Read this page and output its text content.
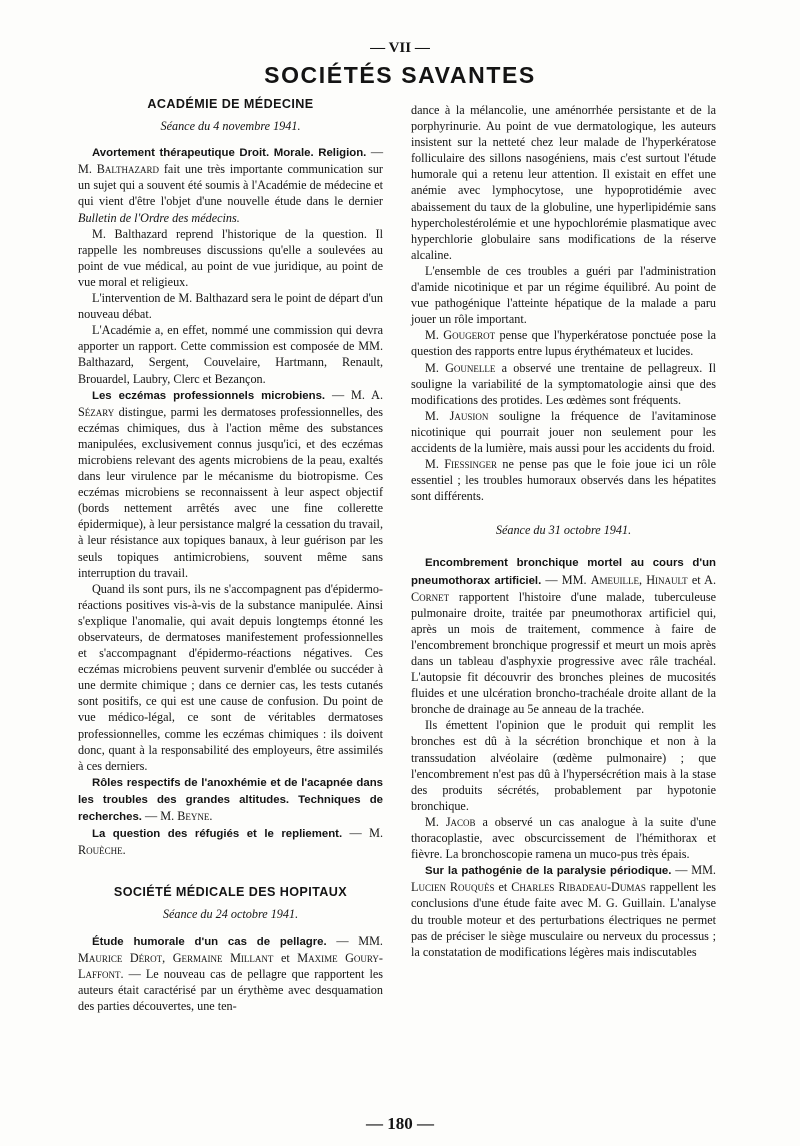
— VII —
SOCIÉTÉS SAVANTES
ACADÉMIE DE MÉDECINE
Séance du 4 novembre 1941.

Avortement thérapeutique Droit. Morale. Religion. — M. Balthazard fait une très importante communication sur un sujet qui a souvent été soumis à l'Académie de médecine et qui vient d'être l'objet d'une nouvelle étude dans le dernier Bulletin de l'Ordre des médecins.

M. Balthazard reprend l'historique de la question. Il rappelle les nombreuses discussions qu'elle a soulevées au point de vue médical, au point de vue juridique, au point de vue moral et religieux.

L'intervention de M. Balthazard sera le point de départ d'un nouveau débat.

L'Académie a, en effet, nommé une commission qui devra apporter un rapport. Cette commission est composée de MM. Balthazard, Sergent, Couvelaire, Hartmann, Renault, Brouardel, Laubry, Clerc et Bezançon.

Les eczémas professionnels microbiens. — M. A. Sézary distingue, parmi les dermatoses professionnelles, des eczémas chimiques, dus à l'action même des substances manipulées, exclusivement connus jusqu'ici, et des eczémas microbiens relevant des agents microbiens de la peau, exaltés dans leur virulence par le mécanisme du biotropisme. Ces eczémas microbiens se reconnaissent à leur aspect objectif (bords nettement arrêtés avec une fine collerette épidermique), à leur persistance malgré la cessation du travail, à leur résistance aux topiques banaux, à leur guérison par les seuls topiques antimicrobiens, souvent même sans interruption du travail.

Quand ils sont purs, ils ne s'accompagnent pas d'épidermo-réactions positives vis-à-vis de la substance manipulée. Ainsi s'explique l'anomalie, qui avait depuis longtemps étonné les observateurs, de dermatoses manifestement professionnelles et s'accompagnant d'épidermo-réactions négatives. Ces eczémas microbiens peuvent survenir d'emblée ou succéder à une dermite chimique ; dans ce dernier cas, les tests cutanés sont positifs, ce qui est une cause de confusion. Du point de vue médico-légal, ce sont de véritables dermatoses professionnelles, comme les eczémas chimiques : ils doivent donc, quant à la responsabilité des employeurs, être assimilés à ces derniers.

Rôles respectifs de l'anoxhémie et de l'acapnée dans les troubles des grandes altitudes. Techniques de recherches. — M. Beyne.

La question des réfugiés et le repliement. — M. Rouèche.

SOCIÉTÉ MÉDICALE DES HOPITAUX
Séance du 24 octobre 1941.

Étude humorale d'un cas de pellagre. — MM. Maurice Dérot, Germaine Millant et Maxime Goury-Laffont. — Le nouveau cas de pellagre que rapportent les auteurs était caractérisé par un érythème avec desquamation des parties découvertes, une ten-

dance à la mélancolie, une aménorrhée persistante et de la porphyrinurie. Au point de vue dermatologique, les auteurs insistent sur la netteté chez leur malade de l'hyperkératose folliculaire des sillons nasogéniens, mais c'est surtout l'étude humorale qui a retenu leur attention. Il existait en effet une anémie avec lymphocytose, une hypoprotidémie avec abaissement du taux de la globuline, une hyperlipidémie sans hypercholestérolémie et une hypochlorémie plasmatique avec hyperchlorie globulaire sans modifications de la réserve alcaline.

L'ensemble de ces troubles a guéri par l'administration d'amide nicotinique et par un régime équilibré. Au point de vue pathogénique l'atteinte hépatique de la malade a paru jouer un rôle important.

M. Gougerot pense que l'hyperkératose ponctuée pose la question des rapports entre lupus érythémateux et lucides.

M. Gounelle a observé une trentaine de pellagreux. Il souligne la variabilité de la symptomatologie ainsi que des modifications des protides. Les œdèmes sont fréquents.

M. Jausion souligne la fréquence de l'avitaminose nicotinique qui pourrait jouer non seulement pour les accidents de la lumière, mais aussi pour les accidents du froid.

M. Fiessinger ne pense pas que le foie joue ici un rôle essentiel ; les troubles humoraux observés dans les hépatites sont différents.

Séance du 31 octobre 1941.

Encombrement bronchique mortel au cours d'un pneumothorax artificiel. — MM. Ameuille, Hinault et A. Cornet rapportent l'histoire d'une malade, tuberculeuse pulmonaire droite, traitée par pneumothorax artificiel qui, après un mois de traitement, commence à faire de l'encombrement bronchique progressif et meurt un mois après dans un tableau d'asphyxie progressive avec râle trachéal. L'autopsie fit découvrir des bronches pleines de mucosités fluides et une ulcération broncho-trachéale droite allant de la bronche de drainage au 5e anneau de la trachée.

Ils émettent l'opinion que le produit qui remplit les bronches est dû à la sécrétion bronchique et non à la transsudation alvéolaire (œdème pulmonaire) ; que l'encombrement n'est pas dû à l'hypersécrétion mais à la stase des produits sécrétés, probablement par hypotonie bronchique.

M. Jacob a observé un cas analogue à la suite d'une thoracoplastie, avec obscurcissement de l'hémithorax et fièvre. La bronchoscopie ramena un muco-pus très épais.

Sur la pathogénie de la paralysie périodique. — MM. Lucien Rouquès et Charles Ribadeau-Dumas rappellent les conclusions d'une étude faite avec M. G. Guillain. L'analyse du trouble moteur et des perturbations électriques ne permet pas de préciser le siège musculaire ou nerveux du processus ; la constatation de modifications légères mais indiscutables

— 180 —
